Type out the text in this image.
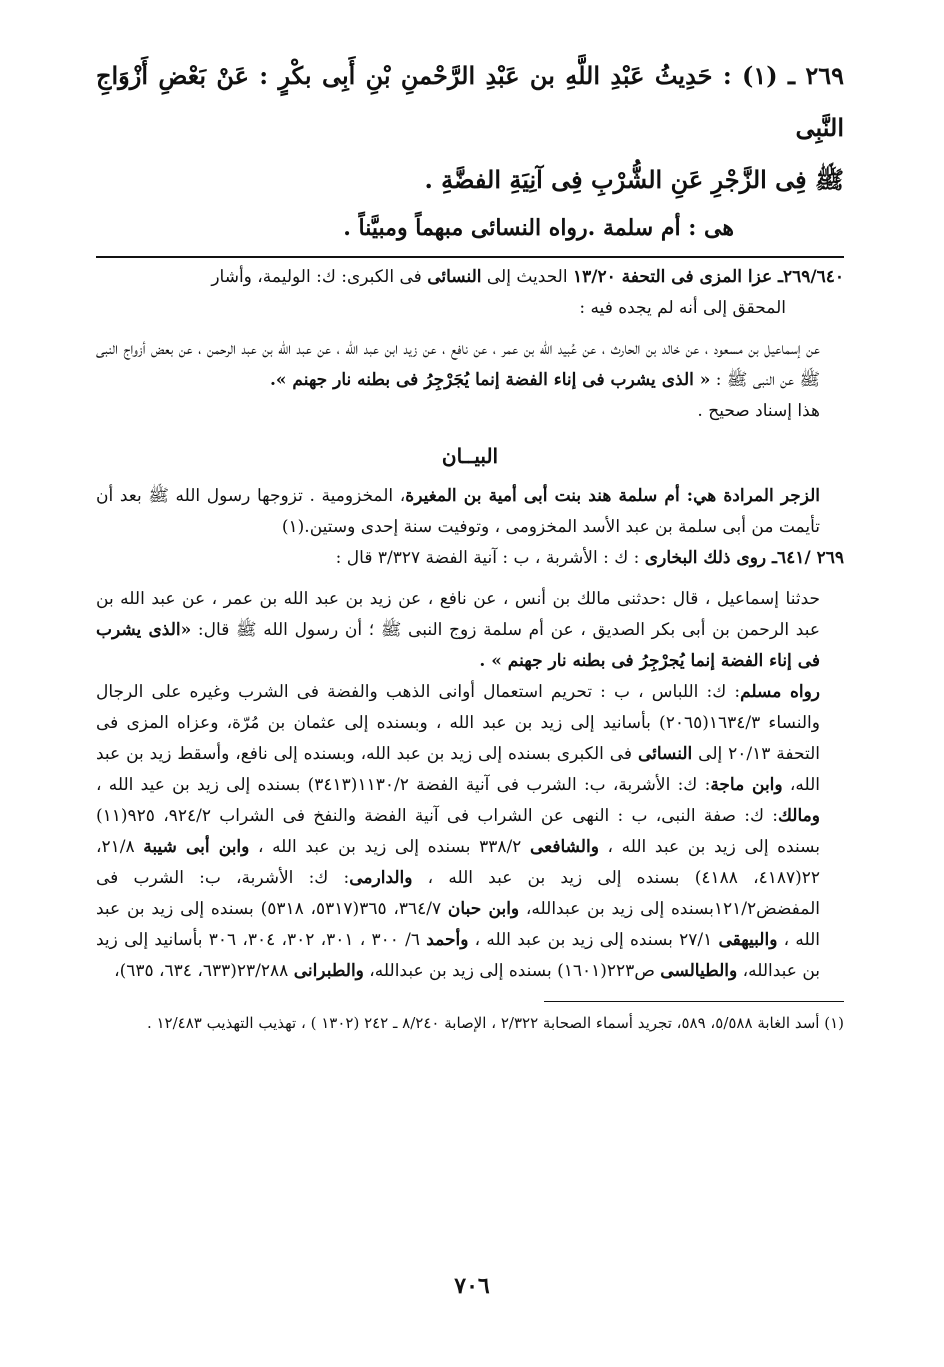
٢٦٩ ـ (١) : حَدِيثُ عَبْدِ اللَّهِ بن عَبْدِ الرَّحْمنِ بْنِ أَبِى بكْرٍ : عَنْ بَعْضِ أَزْوَاجِ النَّبِى
ﷺ فِى الزَّجْرِ عَنِ الشُّرْبِ فِى آنِيَةِ الفضَّةِ .

هى : أم سلمة .رواه النسائى مبهماً ومبيَّناً .

٢٦٩/٦٤٠ـ عزا المزى فى التحفة ١٣/٢٠ الحديث إلى النسائى فى الكبرى: ك: الوليمة، وأشار
المحقق إلى أنه لم يجده فيه :

عن إسماعيل بن مسعود ، عن خالد بن الحارث ، عن عُبيد اللّه بن عمر ، عن نافع ، عن زيد ابن عبد الله ، عن عبد الله بن عبد الرحمن ، عن بعض أزواج النبى ﷺ عن النبى ﷺ : « الذى يشرب فى إناء الفضة إنما يُجَرْجِرُ فى بطنه نار جهنم ».

هذا إسناد صحيح .

البيــان

الزجر المرادة هي: أم سلمة هند بنت أبى أمية بن المغيرة، المخزومية . تزوجها رسول الله ﷺ بعد أن تأيمت من أبى سلمة بن عبد الأسد المخزومى ، وتوفيت سنة إحدى وستين.(١)

٢٦٩ /٦٤١ـ روى ذلك البخارى : ك : الأشربة ، ب : آنية الفضة ٣/٣٢٧ قال :

حدثنا إسماعيل ، قال :حدثنى مالك بن أنس ، عن نافع ، عن زيد بن عبد الله بن عمر ، عن عبد الله بن عبد الرحمن بن أبى بكر الصديق ، عن أم سلمة زوج النبى ﷺ ؛ أن رسول الله ﷺ قال: «الذى يشرب فى إناء الفضة إنما يُجرْجِرُ فى بطنه نار جهنم » .

رواه مسلم: ك: اللباس ، ب : تحريم استعمال أوانى الذهب والفضة فى الشرب وغيره على الرجال والنساء ١٦٣٤/٣(٢٠٦٥) بأسانيد إلى زيد بن عبد الله ، وبسنده إلى عثمان بن مُرّة، وعزاه المزى فى التحفة ٢٠/١٣ إلى النسائى فى الكبرى بسنده إلى زيد بن عبد الله، وبسنده إلى نافع، وأسقط زيد بن عبد الله، وابن ماجة: ك: الأشربة، ب: الشرب فى آنية الفضة ١١٣٠/٢(٣٤١٣) بسنده إلى زيد بن عيد الله ، ومالك: ك: صفة النبى، ب : النهى عن الشراب فى آنية الفضة والنفخ فى الشراب ٩٢٤/٢، ٩٢٥(١١) بسنده إلى زيد بن عبد الله ، والشافعى ٣٣٨/٢ بسنده إلى زيد بن عبد الله ، وابن أبى شيبة ٢١/٨، ٢٢(٤١٨٧، ٤١٨٨) بسنده إلى زيد بن عبد الله ، والدارمى: ك: الأشربة، ب: الشرب فى المفضض١٢١/٢بسنده إلى زيد بن عبدالله، وابن حبان ٣٦٤/٧، ٣٦٥(٥٣١٧، ٥٣١٨) بسنده إلى زيد بن عبد الله ، والبيهقى ٢٧/١ بسنده إلى زيد بن عبد الله ، وأحمد ٦/ ٣٠٠ ، ٣٠١، ٣٠٢، ٣٠٤، ٣٠٦ بأسانيد إلى زيد بن عبدالله، والطيالسى ص٢٢٣(١٦٠١) بسنده إلى زيد بن عبدالله، والطبرانى ٢٣/٢٨٨(٦٣٣، ٦٣٤، ٦٣٥)،

(١) أسد الغابة ٥/٥٨٨، ٥٨٩، تجريد أسماء الصحابة ٢/٣٢٢ ، الإصابة ٨/٢٤٠ ـ ٢٤٢ (١٣٠٢ ) ، تهذيب التهذيب ١٢/٤٨٣ .

٧٠٦
